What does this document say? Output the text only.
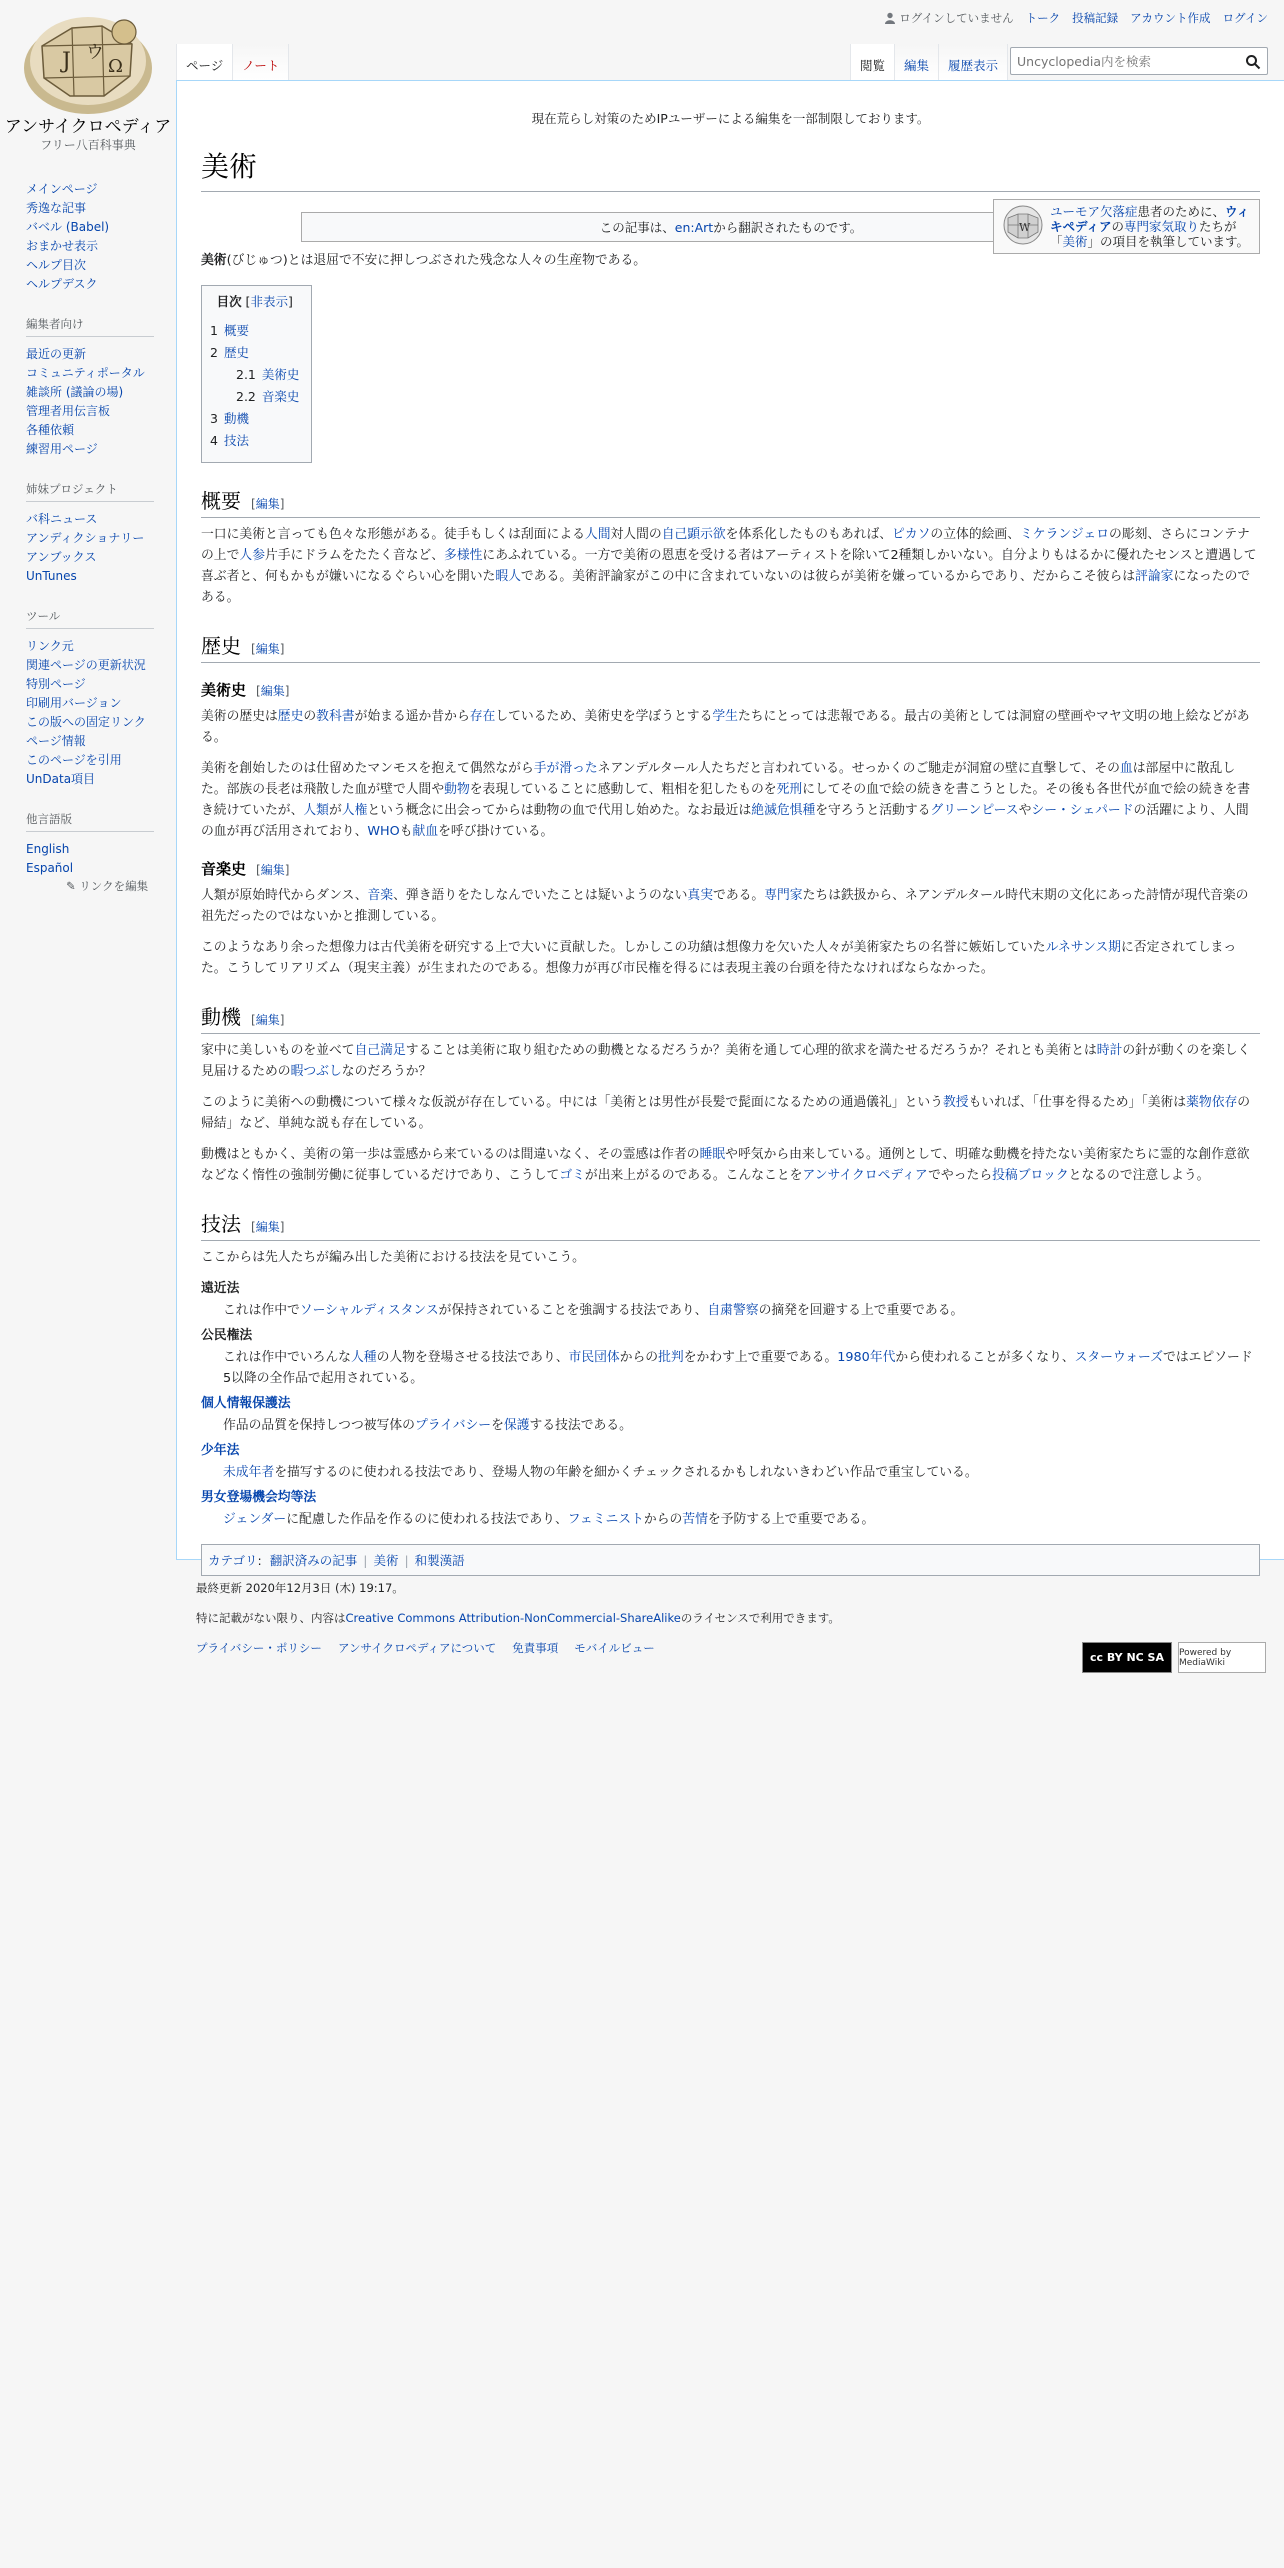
J ウ
Ω
アンサイクロペディア
フリー八百科事典
メインページ
秀逸な記事
バベル (Babel)
おまかせ表示
ヘルプ目次
ヘルプデスク
編集者向け
最近の更新
コミュニティポータル
雑談所 (議論の場)
管理者用伝言板
各種依頼
練習用ページ
姉妹プロジェクト
バ科ニュース
アンディクショナリー
アンブックス
UnTunes
ツール
リンク元
関連ページの更新状況
特別ページ
印刷用バージョン
この版への固定リンク
ページ情報
このページを引用
UnData項目
他言語版
English
Español
✎ リンクを編集
ログインしていません トーク 投稿記録 アカウント作成 ログイン
ページ	ノート	閲覧	編集	履歴表示
Uncyclopedia内を検索
現在荒らし対策のためIPユーザーによる編集を一部制限しております。
美術
W
ユーモア欠落症患者のために、ウィキペディアの専門家気取りたちが「美術」の項目を執筆しています。
この記事は、en:Artから翻訳されたものです。

美術(びじゅつ)とは退屈で不安に押しつぶされた残念な人々の生産物である。

目次 [非表示]
1 概要
2 歴史
2.1 美術史
2.2 音楽史
3 動機
4 技法
概要 [編集]

一口に美術と言っても色々な形態がある。徒手もしくは刮面による人間対人間の自己顕示欲を体系化したものもあれば、ピカソの立体的絵画、ミケランジェロの彫刻、さらにコンテナの上で人参片手にドラムをたたく音など、多様性にあふれている。一方で美術の恩恵を受ける者はアーティストを除いて2種類しかいない。自分よりもはるかに優れたセンスと遭遇して喜ぶ者と、何もかもが嫌いになるぐらい心を開いた暇人である。美術評論家がこの中に含まれていないのは彼らが美術を嫌っているからであり、だからこそ彼らは評論家になったのである。

歴史 [編集]
美術史 [編集]

美術の歴史は歴史の教科書が始まる遥か昔から存在しているため、美術史を学ぼうとする学生たちにとっては悲報である。最古の美術としては洞窟の壁画やマヤ文明の地上絵などがある。

美術を創始したのは仕留めたマンモスを抱えて偶然ながら手が滑ったネアンデルタール人たちだと言われている。せっかくのご馳走が洞窟の壁に直撃して、その血は部屋中に散乱した。部族の長老は飛散した血が壁で人間や動物を表現していることに感動して、粗相を犯したものを死刑にしてその血で絵の続きを書こうとした。その後も各世代が血で絵の続きを書き続けていたが、人類が人権という概念に出会ってからは動物の血で代用し始めた。なお最近は絶滅危惧種を守ろうと活動するグリーンピースやシー・シェパードの活躍により、人間の血が再び活用されており、WHOも献血を呼び掛けている。

音楽史 [編集]

人類が原始時代からダンス、音楽、弾き語りをたしなんでいたことは疑いようのない真実である。専門家たちは鉄扱から、ネアンデルタール時代末期の文化にあった詩情が現代音楽の祖先だったのではないかと推測している。

このようなあり余った想像力は古代美術を研究する上で大いに貢献した。しかしこの功績は想像力を欠いた人々が美術家たちの名誉に嫉妬していたルネサンス期に否定されてしまった。こうしてリアリズム（現実主義）が生まれたのである。想像力が再び市民権を得るには表現主義の台頭を待たなければならなかった。

動機 [編集]

家中に美しいものを並べて自己満足することは美術に取り組むための動機となるだろうか？美術を通して心理的欲求を満たせるだろうか？それとも美術とは時計の針が動くのを楽しく見届けるための暇つぶしなのだろうか？

このように美術への動機について様々な仮説が存在している。中には「美術とは男性が長髪で髭面になるための通過儀礼」という教授もいれば、「仕事を得るため」「美術は薬物依存の帰結」など、単純な説も存在している。

動機はともかく、美術の第一歩は霊感から来ているのは間違いなく、その霊感は作者の睡眠や呼気から由来している。通例として、明確な動機を持たない美術家たちに霊的な創作意欲などなく惰性の強制労働に従事しているだけであり、こうしてゴミが出来上がるのである。こんなことをアンサイクロペディアでやったら投稿ブロックとなるので注意しよう。

技法 [編集]

ここからは先人たちが編み出した美術における技法を見ていこう。

遠近法
これは作中でソーシャルディスタンスが保持されていることを強調する技法であり、自粛警察の摘発を回避する上で重要である。
公民権法
これは作中でいろんな人種の人物を登場させる技法であり、市民団体からの批判をかわす上で重要である。1980年代から使われることが多くなり、スターウォーズではエピソード5以降の全作品で起用されている。
個人情報保護法
作品の品質を保持しつつ被写体のプライバシーを保護する技法である。
少年法
未成年者を描写するのに使われる技法であり、登場人物の年齢を細かくチェックされるかもしれないきわどい作品で重宝している。
男女登場機会均等法
ジェンダーに配慮した作品を作るのに使われる技法であり、フェミニストからの苦情を予防する上で重要である。
カテゴリ: 翻訳済みの記事 | 美術 | 和製漢語
最終更新 2020年12月3日 (木) 19:17。
特に記載がない限り、内容はCreative Commons Attribution-NonCommercial-ShareAlikeのライセンスで利用できます。
プライバシー・ポリシー アンサイクロペディアについて 免責事項 モバイルビュー
cc BY NC SA	Powered by MediaWiki
